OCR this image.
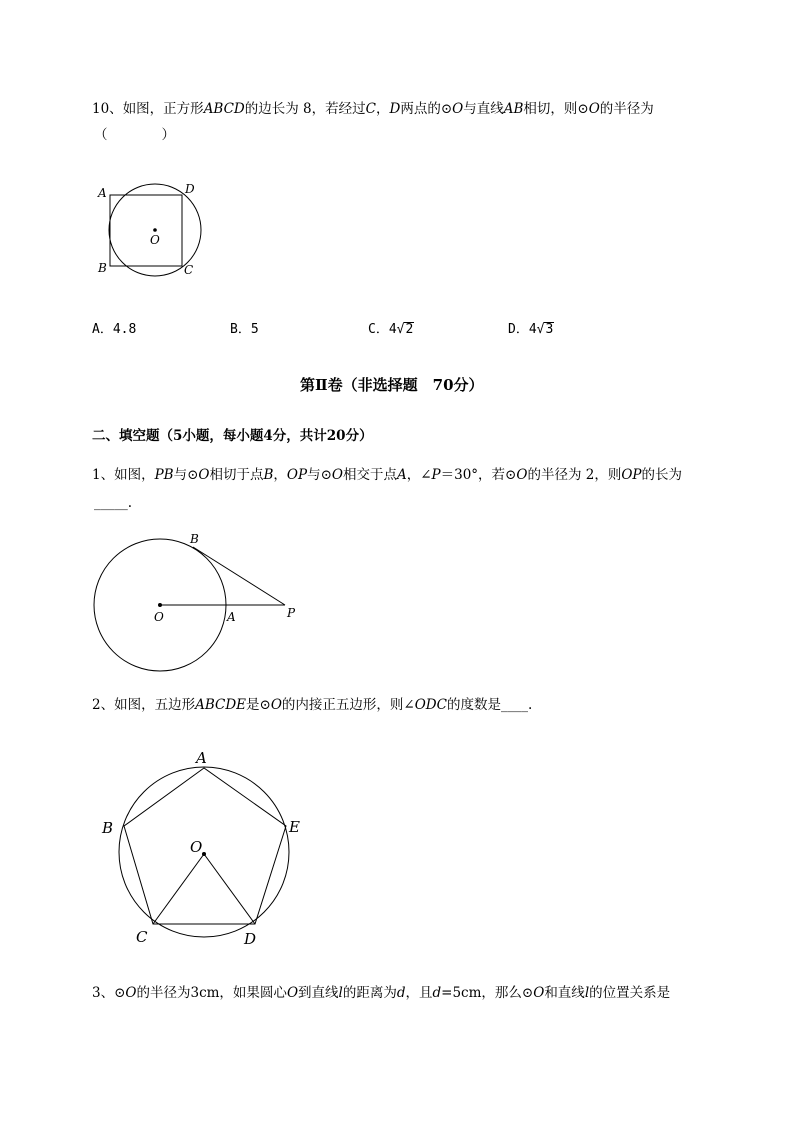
10、如图，正方形ABCD的边长为 8，若经过C，D两点的⊙O与直线AB相切，则⊙O的半径为
（　　　　）
A	D
O
B	C
A．4.8	B．5	C．4√2	D．4√3
第Ⅱ卷（非选择题　70分）
二、填空题（5小题，每小题4分，共计20分）
1、如图，PB与⊙O相切于点B，OP与⊙O相交于点A，∠P＝30°，若⊙O的半径为 2，则OP的长为
_____.
B
O	A	P
2、如图，五边形ABCDE是⊙O的内接正五边形，则∠ODC的度数是____.
A
B	E
O
C	D
3、⊙O的半径为3cm，如果圆心O到直线l的距离为d，且d=5cm，那么⊙O和直线l的位置关系是
